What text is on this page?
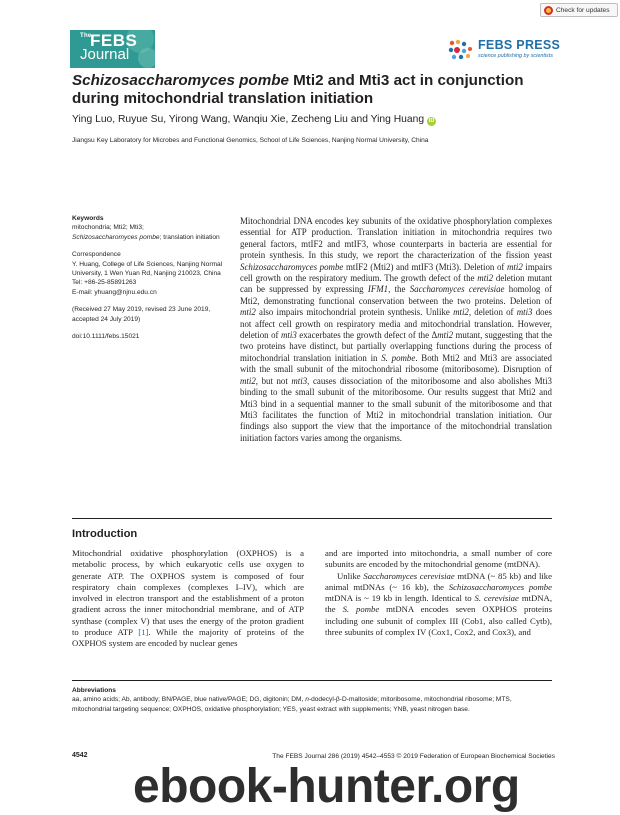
Check for updates
The
FEBS
Journal
FEBS PRESS
science publishing by scientists
Schizosaccharomyces pombe Mti2 and Mti3 act in conjunction during mitochondrial translation initiation
Ying Luo, Ruyue Su, Yirong Wang, Wanqiu Xie, Zecheng Liu and Ying Huang iD
Jiangsu Key Laboratory for Microbes and Functional Genomics, School of Life Sciences, Nanjing Normal University, China

Keywords

mitochondria; Mti2; Mti3;
Schizosaccharomyces pombe; translation initiation

Correspondence

Y. Huang, College of Life Sciences, Nanjing Normal University, 1 Wen Yuan Rd, Nanjing 210023, China

Tel: +86-25-85891263

E-mail: yhuang@njnu.edu.cn

(Received 27 May 2019, revised 23 June 2019, accepted 24 July 2019)

doi:10.1111/febs.15021

Mitochondrial DNA encodes key subunits of the oxidative phosphorylation complexes essential for ATP production. Translation initiation in mitochondria requires two general factors, mtIF2 and mtIF3, whose counterparts in bacteria are essential for protein synthesis. In this study, we report the characterization of the fission yeast Schizosaccharomyces pombe mtIF2 (Mti2) and mtIF3 (Mti3). Deletion of mti2 impairs cell growth on the respiratory medium. The growth defect of the mti2 deletion mutant can be suppressed by expressing IFM1, the Saccharomyces cerevisiae homolog of Mti2, demonstrating functional conservation between the two proteins. Deletion of mti2 also impairs mitochondrial protein synthesis. Unlike mti2, deletion of mti3 does not affect cell growth on respiratory media and mitochondrial translation. However, deletion of mti3 exacerbates the growth defect of the Δmti2 mutant, suggesting that the two proteins have distinct, but partially overlapping functions during the process of mitochondrial translation initiation in S. pombe. Both Mti2 and Mti3 are associated with the small subunit of the mitochondrial ribosome (mitoribosome). Disruption of mti2, but not mti3, causes dissociation of the mitoribosome and also abolishes Mti3 binding to the small subunit of the mitoribosome. Our results suggest that Mti2 and Mti3 bind in a sequential manner to the small subunit of the mitoribosome and that Mti3 facilitates the function of Mti2 in mitochondrial translation initiation. Our findings also support the view that the importance of the mitochondrial translation initiation factors varies among the organisms.

Introduction

Mitochondrial oxidative phosphorylation (OXPHOS) is a metabolic process, by which eukaryotic cells use oxygen to generate ATP. The OXPHOS system is composed of four respiratory chain complexes (complexes I–IV), which are involved in electron transport and the establishment of a proton gradient across the inner mitochondrial membrane, and of ATP synthase (complex V) that uses the energy of the proton gradient to produce ATP [1]. While the majority of proteins of the OXPHOS system are encoded by nuclear genes

and are imported into mitochondria, a small number of core subunits are encoded by the mitochondrial genome (mtDNA).

Unlike Saccharomyces cerevisiae mtDNA (~ 85 kb) and like animal mtDNAs (~ 16 kb), the Schizosaccharomyces pombe mtDNA is ~ 19 kb in length. Identical to S. cerevisiae mtDNA, the S. pombe mtDNA encodes seven OXPHOS proteins including one subunit of complex III (Cob1, also called Cytb), three subunits of complex IV (Cox1, Cox2, and Cox3), and

Abbreviations
aa, amino acids; Ab, antibody; BN/PAGE, blue native/PAGE; DG, digitonin; DM, n-dodecyl-β-D-maltoside; mitoribosome, mitochondrial ribosome; MTS, mitochondrial targeting sequence; OXPHOS, oxidative phosphorylation; YES, yeast extract with supplements; YNB, yeast nitrogen base.

4542	The FEBS Journal 286 (2019) 4542–4553 © 2019 Federation of European Biochemical Societies
ebook-hunter.org
